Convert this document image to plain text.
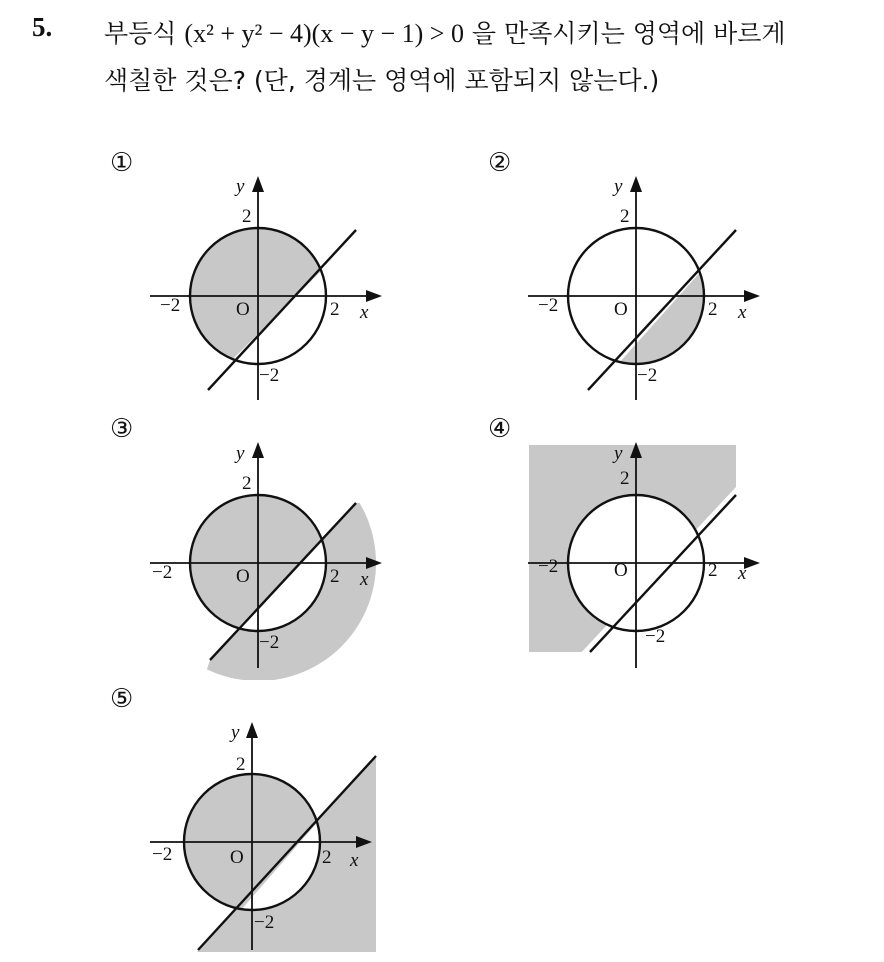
5. 부등식 (x² + y² − 4)(x − y − 1) > 0 을 만족시키는 영역에 바르게
색칠한 것은? (단, 경계는 영역에 포함되지 않는다.)
①	②
③	④
⑤
y
2
−2	O	2 x
−2
y
2
−2	O	2 x
−2
y
2
−2	O	2 x
−2
y
2
−2	O	2 x
−2
y
2
−2	O	2 x
−2
